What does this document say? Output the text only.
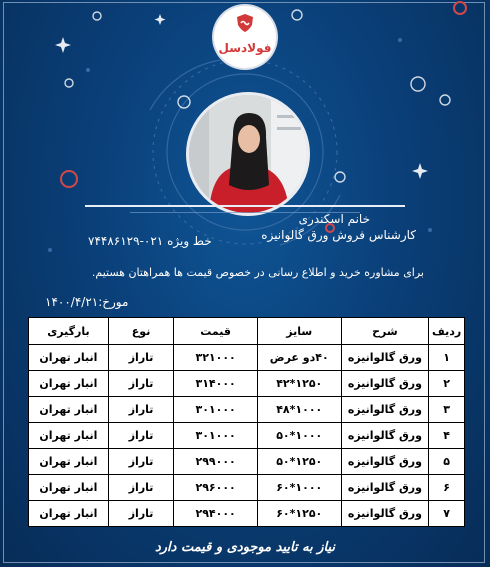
فولادسل
خانم اسکندری
کارشناس فروش ورق گالوانیزه
خط ویژه ۰۲۱-۷۴۴۸۶۱۲۹
برای مشاوره خرید و اطلاع رسانی در خصوص قیمت ها همراهتان هستیم.
مورخ:۱۴۰۰/۴/۲۱
ردیف	شرح	سایز	قیمت	نوع	بارگیری
۱	ورق گالوانیزه	۴۰دو عرض	۳۲۱۰۰۰	تاراز	انبار تهران
۲	ورق گالوانیزه	۱۲۵۰*۴۲	۳۱۴۰۰۰	تاراز	انبار تهران
۳	ورق گالوانیزه	۱۰۰۰*۴۸	۳۰۱۰۰۰	تاراز	انبار تهران
۴	ورق گالوانیزه	۱۰۰۰*۵۰	۳۰۱۰۰۰	تاراز	انبار تهران
۵	ورق گالوانیزه	۱۲۵۰*۵۰	۲۹۹۰۰۰	تاراز	انبار تهران
۶	ورق گالوانیزه	۱۰۰۰*۶۰	۲۹۶۰۰۰	تاراز	انبار تهران
۷	ورق گالوانیزه	۱۲۵۰*۶۰	۲۹۴۰۰۰	تاراز	انبار تهران
نیاز به تایید موجودی و قیمت دارد
